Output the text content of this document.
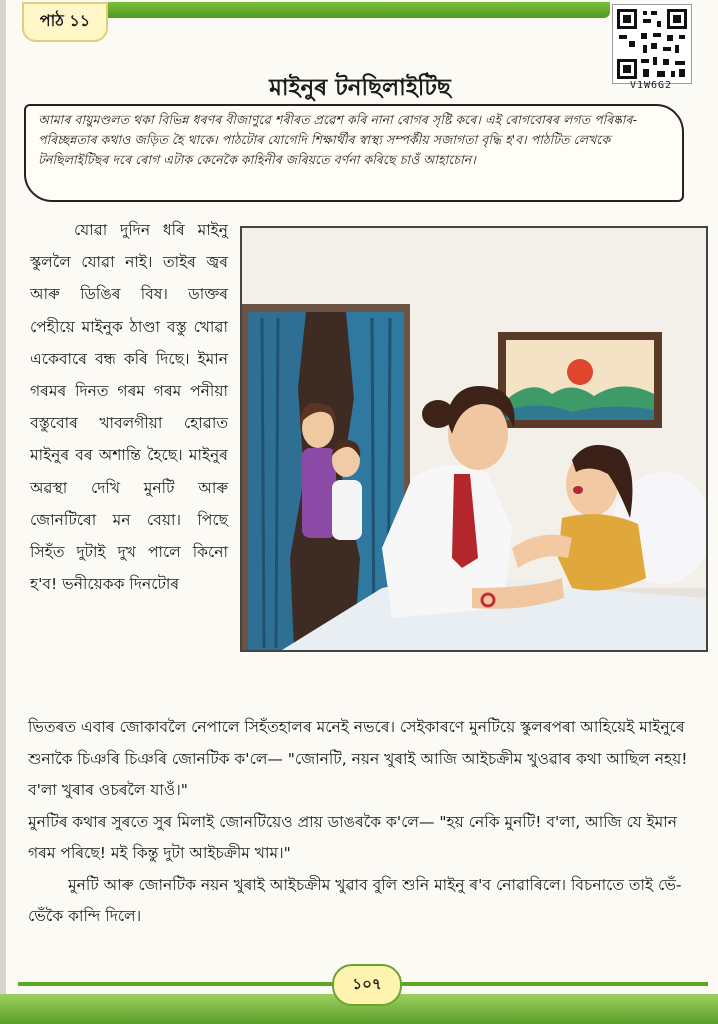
পাঠ ১১
V1W6G2
মাইনুৰ টনছিলাইটিছ
আমাৰ বায়ুমণ্ডলত থকা বিভিন্ন ধৰণৰ বীজাণুৱে শৰীৰত প্ৰৱেশ কৰি নানা ৰোগৰ সৃষ্টি কৰে। এই ৰোগবোৰৰ লগত পৰিষ্কাৰ-পৰিচ্ছন্নতাৰ কথাও জড়িত হৈ থাকে। পাঠটোৰ যোগেদি শিক্ষাৰ্থীৰ স্বাস্থ্য সম্পৰ্কীয় সজাগতা বৃদ্ধি হ'ব। পাঠটিত লেখকে টনছিলাইটিছৰ দৰে ৰোগ এটাক কেনেকৈ কাহিনীৰ জৰিয়তে বৰ্ণনা কৰিছে চাওঁ আহাচোন।

যোৱা দুদিন ধৰি মাইনু স্কুললৈ যোৱা নাই। তাইৰ জ্বৰ আৰু ডিঙিৰ বিষ। ডাক্তৰ পেহীয়ে মাইনুক ঠাণ্ডা বস্তু খোৱা একেবাৰে বন্ধ কৰি দিছে। ইমান গৰমৰ দিনত গৰম গৰম পনীয়া বস্তুবোৰ খাবলগীয়া হোৱাত মাইনুৰ বৰ অশান্তি হৈছে। মাইনুৰ অৱস্থা দেখি মুনটি আৰু জোনটিৰো মন বেয়া। পিছে সিহঁত দুটাই দুখ পালে কিনো হ'ব! ভনীয়েকক দিনটোৰ

ভিতৰত এবাৰ জোকাবলৈ নেপালে সিহঁতহালৰ মনেই নভৰে। সেইকাৰণে মুনটিয়ে স্কুলৰপৰা আহিয়েই মাইনুৰে শুনাকৈ চিঞৰি চিঞৰি জোনটিক ক'লে— "জোনটি, নয়ন খুৰাই আজি আইচক্ৰীম খুওৱাৰ কথা আছিল নহয়! ব'লা খুৰাৰ ওচৰলৈ যাওঁ।"

মুনটিৰ কথাৰ সুৰতে সুৰ মিলাই জোনটিয়েও প্ৰায় ডাঙৰকৈ ক'লে— "হয় নেকি মুনটি! ব'লা, আজি যে ইমান গৰম পৰিছে! মই কিন্তু দুটা আইচক্ৰীম খাম।"

মুনটি আৰু জোনটিক নয়ন খুৰাই আইচক্ৰীম খুৱাব বুলি শুনি মাইনু ৰ'ব নোৱাৰিলে। বিচনাতে তাই ভেঁ-ভেঁকৈ কান্দি দিলে।

১০৭
